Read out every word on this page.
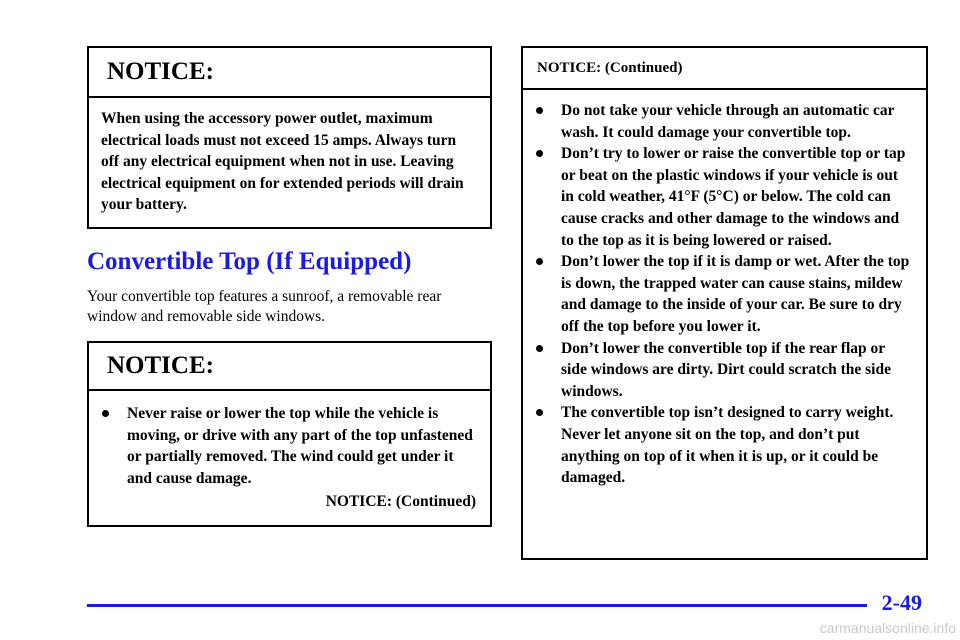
NOTICE:
When using the accessory power outlet, maximum electrical loads must not exceed 15 amps. Always turn off any electrical equipment when not in use. Leaving electrical equipment on for extended periods will drain your battery.
Convertible Top (If Equipped)

Your convertible top features a sunroof, a removable rear window and removable side windows.

NOTICE:
Never raise or lower the top while the vehicle is moving, or drive with any part of the top unfastened or partially removed. The wind could get under it and cause damage.
NOTICE: (Continued)
NOTICE: (Continued)
Do not take your vehicle through an automatic car wash. It could damage your convertible top.
Don’t try to lower or raise the convertible top or tap or beat on the plastic windows if your vehicle is out in cold weather, 41°F (5°C) or below. The cold can cause cracks and other damage to the windows and to the top as it is being lowered or raised.
Don’t lower the top if it is damp or wet. After the top is down, the trapped water can cause stains, mildew and damage to the inside of your car. Be sure to dry off the top before you lower it.
Don’t lower the convertible top if the rear flap or side windows are dirty. Dirt could scratch the side windows.
The convertible top isn’t designed to carry weight. Never let anyone sit on the top, and don’t put anything on top of it when it is up, or it could be damaged.
2-49
carmanualsonline.info
